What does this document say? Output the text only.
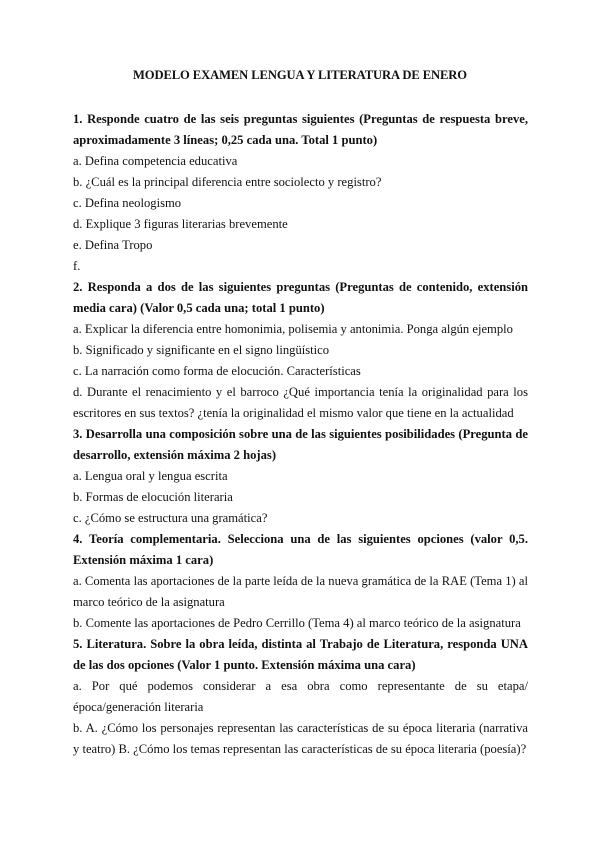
MODELO EXAMEN LENGUA Y LITERATURA DE ENERO
1. Responde cuatro de las seis preguntas siguientes (Preguntas de respuesta breve, aproximadamente 3 líneas; 0,25 cada una. Total 1 punto)
a. Defina competencia educativa
b. ¿Cuál es la principal diferencia entre sociolecto y registro?
c. Defina neologismo
d. Explique 3 figuras literarias brevemente
e. Defina Tropo
f.
2. Responda a dos de las siguientes preguntas (Preguntas de contenido, extensión media cara) (Valor 0,5 cada una; total 1 punto)
a. Explicar la diferencia entre homonimia, polisemia y antonimia. Ponga algún ejemplo
b. Significado y significante en el signo lingüístico
c. La narración como forma de elocución. Características
d. Durante el renacimiento y el barroco ¿Qué importancia tenía la originalidad para los escritores en sus textos? ¿tenía la originalidad el mismo valor que tiene en la actualidad
3. Desarrolla una composición sobre una de las siguientes posibilidades (Pregunta de desarrollo, extensión máxima 2 hojas)
a. Lengua oral y lengua escrita
b. Formas de elocución literaria
c. ¿Cómo se estructura una gramática?
4. Teoría complementaria. Selecciona una de las siguientes opciones (valor 0,5. Extensión máxima 1 cara)
a. Comenta las aportaciones de la parte leída de la nueva gramática de la RAE (Tema 1) al marco teórico de la asignatura
b. Comente las aportaciones de Pedro Cerrillo (Tema 4) al marco teórico de la asignatura
5. Literatura. Sobre la obra leída, distinta al Trabajo de Literatura, responda UNA de las dos opciones (Valor 1 punto. Extensión máxima una cara)
a. Por qué podemos considerar a esa obra como representante de su etapa/época/generación literaria
b. A. ¿Cómo los personajes representan las características de su época literaria (narrativa y teatro) B. ¿Cómo los temas representan las características de su época literaria (poesía)?
